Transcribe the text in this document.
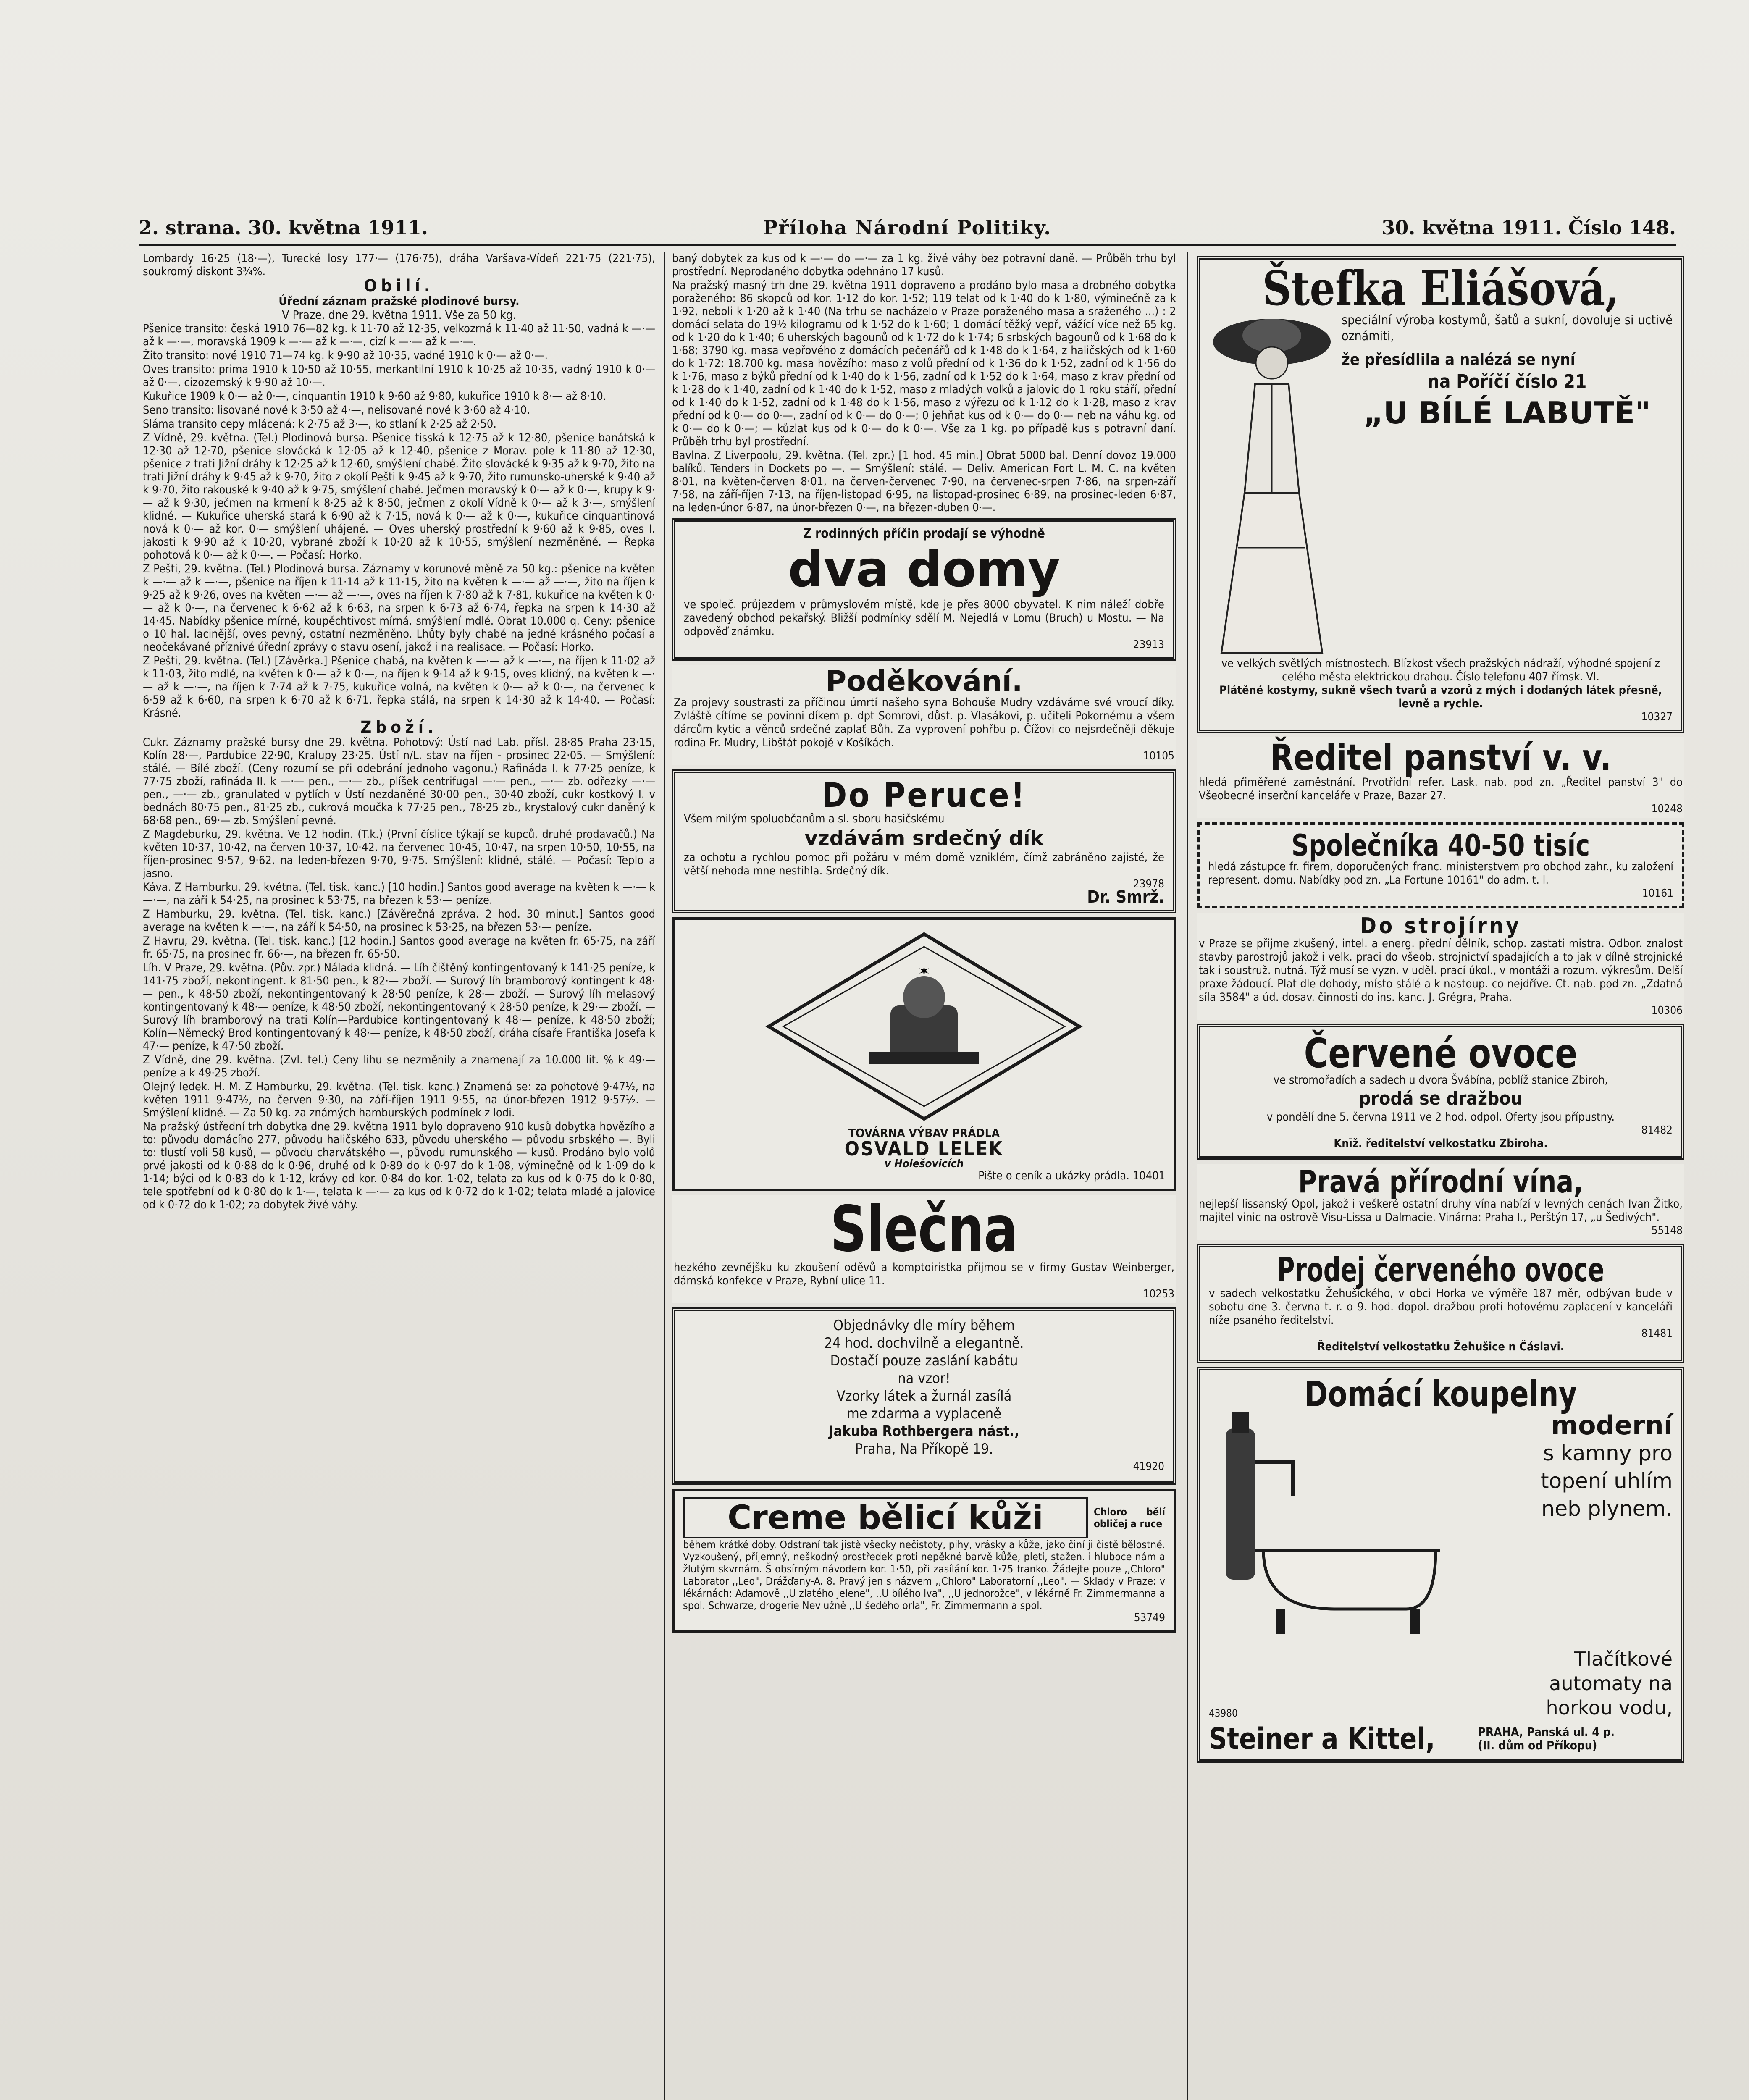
2. strana. 30. května 1911.	Příloha Národní Politiky.	30. května 1911. Číslo 148.

Lombardy 16·25 (18·—), Turecké losy 177·— (176·75), dráha Varšava-Vídeň 221·75 (221·75), soukromý diskont 3¾%.

Obilí.
Úřední záznam pražské plodinové bursy.
V Praze, dne 29. května 1911. Vše za 50 kg.

Pšenice transito: česká 1910 76—82 kg. k 11·70 až 12·35, velkozrná k 11·40 až 11·50, vadná k —·— až k —·—, moravská 1909 k —·— až k —·—, cizí k —·— až k —·—.

Žito transito: nové 1910 71—74 kg. k 9·90 až 10·35, vadné 1910 k 0·— až 0·—.

Oves transito: prima 1910 k 10·50 až 10·55, merkantilní 1910 k 10·25 až 10·35, vadný 1910 k 0·— až 0·—, cizozemský k 9·90 až 10·—.

Kukuřice 1909 k 0·— až 0·—, cinquantin 1910 k 9·60 až 9·80, kukuřice 1910 k 8·— až 8·10.

Seno transito: lisované nové k 3·50 až 4·—, nelisované nové k 3·60 až 4·10.

Sláma transito cepy mlácená: k 2·75 až 3·—, ko stlaní k 2·25 až 2·50.

Z Vídně, 29. května. (Tel.) Plodinová bursa. Pšenice tisská k 12·75 až k 12·80, pšenice banátská k 12·30 až 12·70, pšenice slovácká k 12·05 až k 12·40, pšenice z Morav. pole k 11·80 až 12·30, pšenice z trati Jižní dráhy k 12·25 až k 12·60, smýšlení chabé. Žito slovácké k 9·35 až k 9·70, žito na trati Jižní dráhy k 9·45 až k 9·70, žito z okolí Pešti k 9·45 až k 9·70, žito rumunsko-uherské k 9·40 až k 9·70, žito rakouské k 9·40 až k 9·75, smýšlení chabé. Ječmen moravský k 0·— až k 0·—, krupy k 9·— až k 9·30, ječmen na krmení k 8·25 až k 8·50, ječmen z okolí Vídně k 0·— až k 3·—, smýšlení klidné. — Kukuřice uherská stará k 6·90 až k 7·15, nová k 0·— až k 0·—, kukuřice cinquantinová nová k 0·— až kor. 0·— smýšlení uhájené. — Oves uherský prostřední k 9·60 až k 9·85, oves I. jakosti k 9·90 až k 10·20, vybrané zboží k 10·20 až k 10·55, smýšlení nezměněné. — Řepka pohotová k 0·— až k 0·—. — Počasí: Horko.

Z Pešti, 29. května. (Tel.) Plodinová bursa. Záznamy v korunové měně za 50 kg.: pšenice na květen k —·— až k —·—, pšenice na říjen k 11·14 až k 11·15, žito na květen k —·— až —·—, žito na říjen k 9·25 až k 9·26, oves na květen —·— až —·—, oves na říjen k 7·80 až k 7·81, kukuřice na květen k 0·— až k 0·—, na červenec k 6·62 až k 6·63, na srpen k 6·73 až 6·74, řepka na srpen k 14·30 až 14·45. Nabídky pšenice mírné, koupěchtivost mírná, smýšlení mdlé. Obrat 10.000 q. Ceny: pšenice o 10 hal. lacinější, oves pevný, ostatní nezměněno. Lhůty byly chabé na jedné krásného počasí a neočekávané příznivé úřední zprávy o stavu osení, jakož i na realisace. — Počasí: Horko.

Z Pešti, 29. května. (Tel.) [Závěrka.] Pšenice chabá, na květen k —·— až k —·—, na říjen k 11·02 až k 11·03, žito mdlé, na květen k 0·— až k 0·—, na říjen k 9·14 až k 9·15, oves klidný, na květen k —·— až k —·—, na říjen k 7·74 až k 7·75, kukuřice volná, na květen k 0·— až k 0·—, na červenec k 6·59 až k 6·60, na srpen k 6·70 až k 6·71, řepka stálá, na srpen k 14·30 až k 14·40. — Počasí: Krásné.

Zboží.

Cukr. Záznamy pražské bursy dne 29. května. Pohotový: Ústí nad Lab. přísl. 28·85 Praha 23·15, Kolín 28·—, Pardubice 22·90, Kralupy 23·25. Ústí n/L. stav na říjen - prosinec 22·05. — Smýšlení: stálé. — Bílé zboží. (Ceny rozumí se při odebrání jednoho vagonu.) Rafináda I. k 77·25 peníze, k 77·75 zboží, rafináda II. k —·— pen., —·— zb., plíšek centrifugal —·— pen., —·— zb. odřezky —·— pen., —·— zb., granulated v pytlích v Ústí nezdaněné 30·00 pen., 30·40 zboží, cukr kostkový I. v bednách 80·75 pen., 81·25 zb., cukrová moučka k 77·25 pen., 78·25 zb., krystalový cukr daněný k 68·68 pen., 69·— zb. Smýšlení pevné.

Z Magdeburku, 29. května. Ve 12 hodin. (T.k.) (První číslice týkají se kupců, druhé prodavačů.) Na květen 10·37, 10·42, na červen 10·37, 10·42, na červenec 10·45, 10·47, na srpen 10·50, 10·55, na říjen-prosinec 9·57, 9·62, na leden-březen 9·70, 9·75. Smýšlení: klidné, stálé. — Počasí: Teplo a jasno.

Káva. Z Hamburku, 29. května. (Tel. tisk. kanc.) [10 hodin.] Santos good average na květen k —·— k —·—, na září k 54·25, na prosinec k 53·75, na březen k 53·— peníze.

Z Hamburku, 29. května. (Tel. tisk. kanc.) [Závěrečná zpráva. 2 hod. 30 minut.] Santos good average na květen k —·—, na září k 54·50, na prosinec k 53·25, na březen 53·— peníze.

Z Havru, 29. května. (Tel. tisk. kanc.) [12 hodin.] Santos good average na květen fr. 65·75, na září fr. 65·75, na prosinec fr. 66·—, na březen fr. 65·50.

Líh. V Praze, 29. května. (Pův. zpr.) Nálada klidná. — Líh čištěný kontingentovaný k 141·25 peníze, k 141·75 zboží, nekontingent. k 81·50 pen., k 82·— zboží. — Surový líh bramborový kontingent k 48·— pen., k 48·50 zboží, nekontingentovaný k 28·50 peníze, k 28·— zboží. — Surový líh melasový kontingentovaný k 48·— peníze, k 48·50 zboží, nekontingentovaný k 28·50 peníze, k 29·— zboží. — Surový líh bramborový na trati Kolín—Pardubice kontingentovaný k 48·— peníze, k 48·50 zboží; Kolín—Německý Brod kontingentovaný k 48·— peníze, k 48·50 zboží, dráha císaře Františka Josefa k 47·— peníze, k 47·50 zboží.

Z Vídně, dne 29. května. (Zvl. tel.) Ceny lihu se nezměnily a znamenají za 10.000 lit. % k 49·— peníze a k 49·25 zboží.

Olejný ledek. H. M. Z Hamburku, 29. května. (Tel. tisk. kanc.) Znamená se: za pohotové 9·47½, na květen 1911 9·47½, na červen 9·30, na září-říjen 1911 9·55, na únor-březen 1912 9·57½. — Smýšlení klidné. — Za 50 kg. za známých hamburských podmínek z lodi.

Na pražský ústřední trh dobytka dne 29. května 1911 bylo dopraveno 910 kusů dobytka hovězího a to: původu domácího 277, původu haličského 633, původu uherského — původu srbského —. Byli to: tlustí voli 58 kusů, — původu charvátského —, původu rumunského — kusů. Prodáno bylo volů prvé jakosti od k 0·88 do k 0·96, druhé od k 0·89 do k 0·97 do k 1·08, výminečně od k 1·09 do k 1·14; býci od k 0·83 do k 1·12, krávy od kor. 0·84 do kor. 1·02, telata za kus od k 0·75 do k 0·80, tele spotřební od k 0·80 do k 1·—, telata k —·— za kus od k 0·72 do k 1·02; telata mladé a jalovice od k 0·72 do k 1·02; za dobytek živé váhy.

baný dobytek za kus od k —·— do —·— za 1 kg. živé váhy bez potravní daně. — Průběh trhu byl prostřední. Neprodaného dobytka odehnáno 17 kusů.

Na pražský masný trh dne 29. května 1911 dopraveno a prodáno bylo masa a drobného dobytka poraženého: 86 skopců od kor. 1·12 do kor. 1·52; 119 telat od k 1·40 do k 1·80, výminečně za k 1·92, neboli k 1·20 až k 1·40 (Na trhu se nacházelo v Praze poraženého masa a sraženého ...) : 2 domácí selata do 19½ kilogramu od k 1·52 do k 1·60; 1 domácí těžký vepř, vážící více než 65 kg. od k 1·20 do k 1·40; 6 uherských bagounů od k 1·72 do k 1·74; 6 srbských bagounů od k 1·68 do k 1·68; 3790 kg. masa vepřového z domácích pečenářů od k 1·48 do k 1·64, z haličských od k 1·60 do k 1·72; 18.700 kg. masa hovězího: maso z volů přední od k 1·36 do k 1·52, zadní od k 1·56 do k 1·76, maso z býků přední od k 1·40 do k 1·56, zadní od k 1·52 do k 1·64, maso z krav přední od k 1·28 do k 1·40, zadní od k 1·40 do k 1·52, maso z mladých volků a jalovic do 1 roku stáří, přední od k 1·40 do k 1·52, zadní od k 1·48 do k 1·56, maso z výřezu od k 1·12 do k 1·28, maso z krav přední od k 0·— do 0·—, zadní od k 0·— do 0·—; 0 jehňat kus od k 0·— do 0·— neb na váhu kg. od k 0·— do k 0·—; — kůzlat kus od k 0·— do k 0·—. Vše za 1 kg. po případě kus s potravní daní. Průběh trhu byl prostřední.

Bavlna. Z Liverpoolu, 29. května. (Tel. zpr.) [1 hod. 45 min.] Obrat 5000 bal. Denní dovoz 19.000 balíků. Tenders in Dockets po —. — Smýšlení: stálé. — Deliv. American Fort L. M. C. na květen 8·01, na květen-červen 8·01, na červen-červenec 7·90, na červenec-srpen 7·86, na srpen-září 7·58, na září-říjen 7·13, na říjen-listopad 6·95, na listopad-prosinec 6·89, na prosinec-leden 6·87, na leden-únor 6·87, na únor-březen 0·—, na březen-duben 0·—.

Z rodinných příčin prodají se výhodně
dva domy
ve společ. průjezdem v průmyslovém místě, kde je přes 8000 obyvatel. K nim náleží dobře zavedený obchod pekařský. Bližší podmínky sdělí M. Nejedlá v Lomu (Bruch) u Mostu. — Na odpověď známku.
23913
Poděkování.
Za projevy soustrasti za příčinou úmrtí našeho syna Bohouše Mudry vzdáváme své vroucí díky. Zvláště cítíme se povinni díkem p. dpt Somrovi, důst. p. Vlasákovi, p. učiteli Pokornému a všem dárcům kytic a věnců srdečné zaplať Bůh. Za vyprovení pohřbu p. Čížovi co nejsrdečněji děkuje rodina Fr. Mudry, Libštát pokojě v Košíkách.
10105
Do Peruce!
Všem milým spoluobčanům a sl. sboru hasičskému
vzdávám srdečný dík
za ochotu a rychlou pomoc při požáru v mém domě vzniklém, čímž zabráněno zajisté, že větší nehoda mne nestihla. Srdečný dík.
23978
Dr. Smrž.
✶
TOVÁRNA VÝBAV PRÁDLA
OSVALD LELEK
v Holešovicích
Pište o ceník a ukázky prádla. 10401
Slečna
hezkého zevnějšku ku zkoušení oděvů a komptoiristka přijmou se v firmy Gustav Weinberger, dámská konfekce v Praze, Rybní ulice 11.
10253
Objednávky dle míry během
24 hod. dochvilně a elegantně.
Dostačí pouze zaslání kabátu
na vzor!
Vzorky látek a žurnál zasílá
me zdarma a vyplaceně
Jakuba Rothbergera nást.,
Praha, Na Příkopě 19.
41920
Creme bělicí kůži	Chloro bělí obličej a ruce
během krátké doby. Odstraní tak jistě všecky nečistoty, pihy, vrásky a kůže, jako činí ji čistě bělostné. Vyzkoušený, příjemný, neškodný prostředek proti nepěkné barvě kůže, pleti, stažen. i hluboce nám a žlutým skvrnám. Š obsírným návodem kor. 1·50, při zasílání kor. 1·75 franko. Žádejte pouze ,,Chloro" Laborator ,,Leo", Drážďany-A. 8. Pravý jen s názvem ,,Chloro" Laboratorní ,,Leo". — Sklady v Praze: v lékárnách: Adamově ,,U zlatého jelene", ,,U bílého lva", ,,U jednorožce", v lékárně Fr. Zimmermanna a spol. Schwarze, drogerie Nevlužně ,,U šedého orla", Fr. Zimmermann a spol.
53749
Štefka Eliášová,
speciální výroba kostymů, šatů a sukní, dovoluje si uctivě oznámiti,
že přesídlila a nalézá se nyní
na Poříčí číslo 21
„U BÍLÉ LABUTĚ"
ve velkých světlých místnostech. Blízkost všech pražských nádraží, výhodné spojení z celého města elektrickou drahou. Číslo telefonu 407 římsk. VI.
Plátěné kostymy, sukně všech tvarů a vzorů z mých i dodaných látek přesně, levně a rychle.
10327
Ředitel panství v. v.
hledá přiměřené zaměstnání. Prvotřídní refer. Lask. nab. pod zn. „Ředitel panství 3" do Všeobecné inserční kanceláře v Praze, Bazar 27.
10248
Společníka 40-50 tisíc
hledá zástupce fr. firem, doporučených franc. ministerstvem pro obchod zahr., ku založení represent. domu. Nabídky pod zn. „La Fortune 10161" do adm. t. l.
10161
Do strojírny
v Praze se přijme zkušený, intel. a energ. přední dělník, schop. zastati mistra. Odbor. znalost stavby parostrojů jakož i velk. praci do všeob. strojnictví spadajících a to jak v dílně strojnické tak i soustruž. nutná. Týž musí se vyzn. v uděl. prací úkol., v montáži a rozum. výkresům. Delší praxe žádoucí. Plat dle dohody, místo stálé a k nastoup. co nejdříve. Ct. nab. pod zn. „Zdatná síla 3584" a úd. dosav. činnosti do ins. kanc. J. Grégra, Praha.
10306
Červené ovoce
ve stromořadích a sadech u dvora Švábína, poblíž stanice Zbiroh,
prodá se dražbou
v pondělí dne 5. června 1911 ve 2 hod. odpol. Oferty jsou přípustny.
81482
Knīž. ředitelství velkostatku Zbiroha.
Pravá přírodní vína,
nejlepší lissanský Opol, jakož i veškeré ostatní druhy vína nabízí v levných cenách Ivan Žitko, majitel vinic na ostrově Visu-Lissa u Dalmacie. Vinárna: Praha I., Perštýn 17, „u Šedivých".
55148
Prodej červeného ovoce
v sadech velkostatku Žehušického, v obci Horka ve výměře 187 měr, odbývan bude v sobotu dne 3. června t. r. o 9. hod. dopol. dražbou proti hotovému zaplacení v kanceláři níže psaného ředitelství.
81481
Ředitelství velkostatku Žehušice n Čáslavi.
Domácí koupelny
moderní
s kamny pro
topení uhlím
neb plynem.
43980
Tlačítkové
automaty na
horkou vodu,
Steiner a Kittel,	PRAHA, Panská ul. 4 p.
(II. dům od Příkopu)
